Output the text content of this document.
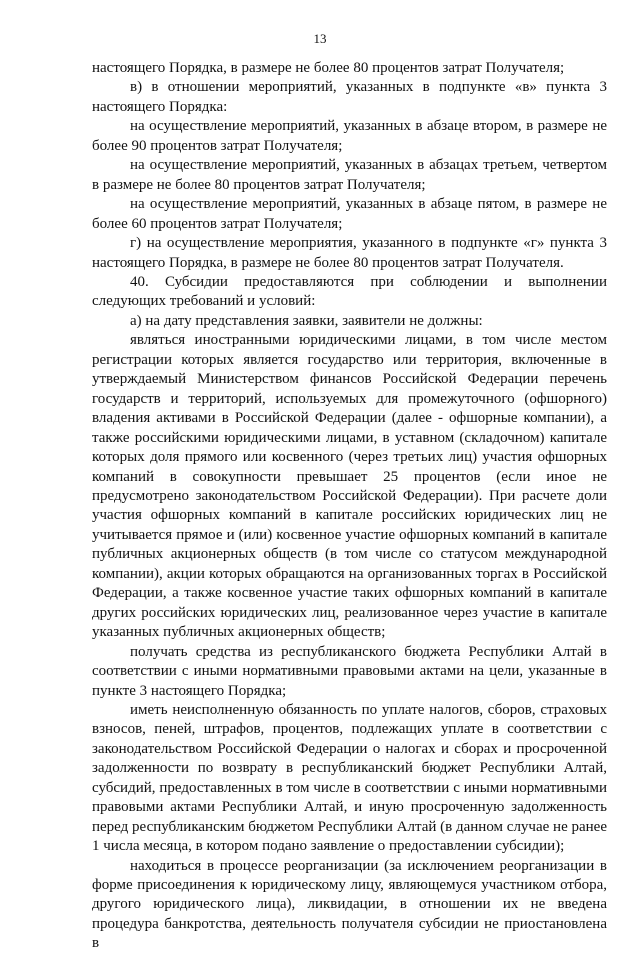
13

настоящего Порядка, в размере не более 80 процентов затрат Получателя;

в) в отношении мероприятий, указанных в подпункте «в» пункта 3 настоящего Порядка:

на осуществление мероприятий, указанных в абзаце втором, в размере не более 90 процентов затрат Получателя;

на осуществление мероприятий, указанных в абзацах третьем, четвертом в размере не более 80 процентов затрат Получателя;

на осуществление мероприятий, указанных в абзаце пятом, в размере не более 60 процентов затрат Получателя;

г) на осуществление мероприятия, указанного в подпункте «г» пункта 3 настоящего Порядка, в размере не более 80 процентов затрат Получателя.

40. Субсидии предоставляются при соблюдении и выполнении следующих требований и условий:

а) на дату представления заявки, заявители не должны:

являться иностранными юридическими лицами, в том числе местом регистрации которых является государство или территория, включенные в утверждаемый Министерством финансов Российской Федерации перечень государств и территорий, используемых для промежуточного (офшорного) владения активами в Российской Федерации (далее - офшорные компании), а также российскими юридическими лицами, в уставном (складочном) капитале которых доля прямого или косвенного (через третьих лиц) участия офшорных компаний в совокупности превышает 25 процентов (если иное не предусмотрено законодательством Российской Федерации). При расчете доли участия офшорных компаний в капитале российских юридических лиц не учитывается прямое и (или) косвенное участие офшорных компаний в капитале публичных акционерных обществ (в том числе со статусом международной компании), акции которых обращаются на организованных торгах в Российской Федерации, а также косвенное участие таких офшорных компаний в капитале других российских юридических лиц, реализованное через участие в капитале указанных публичных акционерных обществ;

получать средства из республиканского бюджета Республики Алтай в соответствии с иными нормативными правовыми актами на цели, указанные в пункте 3 настоящего Порядка;

иметь неисполненную обязанность по уплате налогов, сборов, страховых взносов, пеней, штрафов, процентов, подлежащих уплате в соответствии с законодательством Российской Федерации о налогах и сборах и просроченной задолженности по возврату в республиканский бюджет Республики Алтай, субсидий, предоставленных в том числе в соответствии с иными нормативными правовыми актами Республики Алтай, и иную просроченную задолженность перед республиканским бюджетом Республики Алтай (в данном случае не ранее 1 числа месяца, в котором подано заявление о предоставлении субсидии);

находиться в процессе реорганизации (за исключением реорганизации в форме присоединения к юридическому лицу, являющемуся участником отбора, другого юридического лица), ликвидации, в отношении их не введена процедура банкротства, деятельность получателя субсидии не приостановлена в
